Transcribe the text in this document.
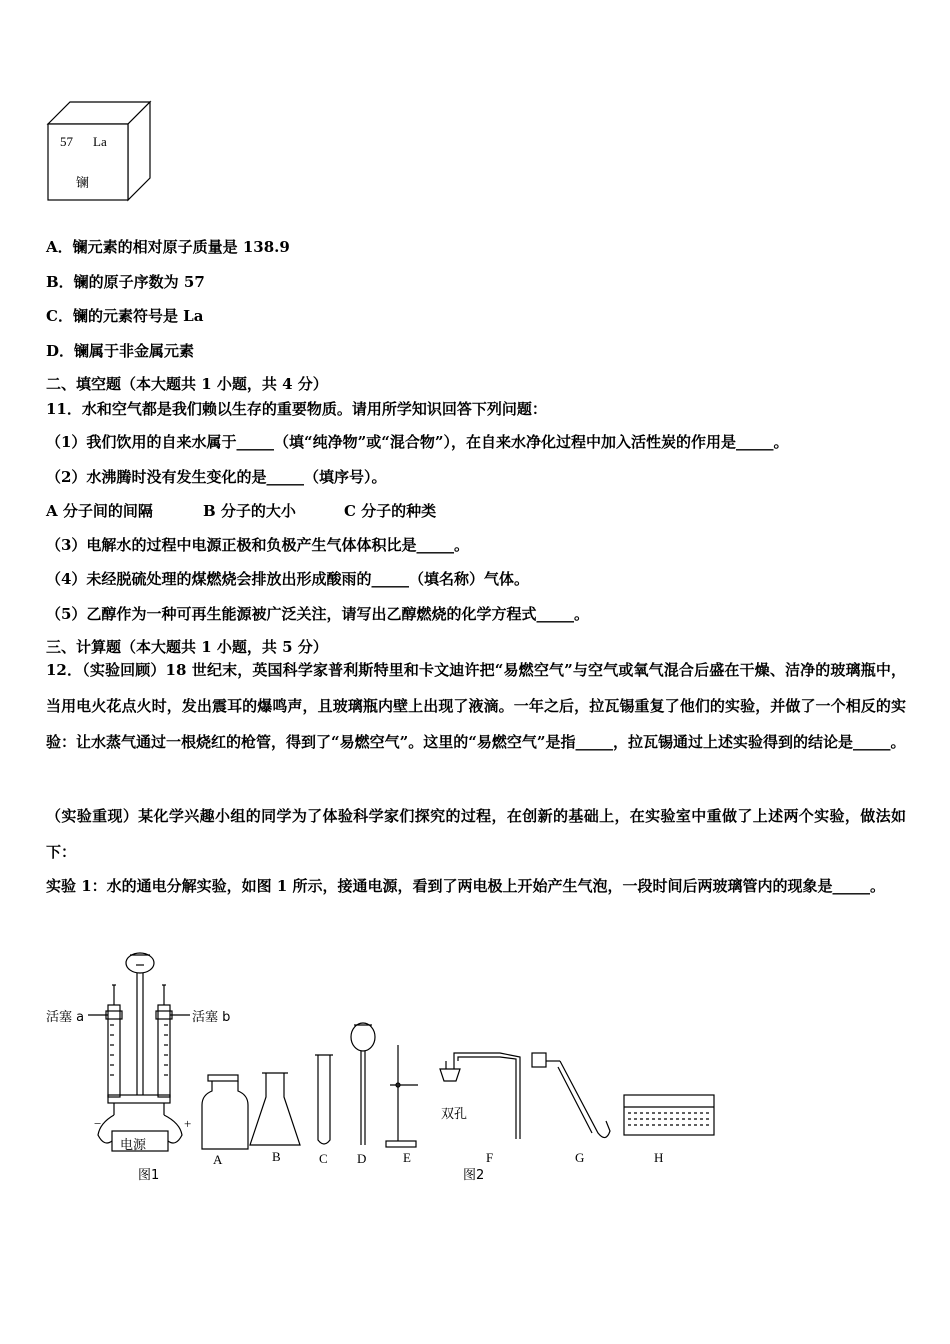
57 La
镧
A．镧元素的相对原子质量是 138.9
B．镧的原子序数为 57
C．镧的元素符号是 La
D．镧属于非金属元素
二、填空题（本大题共 1 小题，共 4 分）
11．水和空气都是我们赖以生存的重要物质。请用所学知识回答下列问题：
（1）我们饮用的自来水属于_____（填“纯净物”或“混合物”），在自来水净化过程中加入活性炭的作用是_____。
（2）水沸腾时没有发生变化的是_____（填序号）。
A 分子间的间隔	B 分子的大小	C 分子的种类
（3）电解水的过程中电源正极和负极产生气体体积比是_____。
（4）未经脱硫处理的煤燃烧会排放出形成酸雨的_____（填名称）气体。
（5）乙醇作为一种可再生能源被广泛关注，请写出乙醇燃烧的化学方程式_____。
三、计算题（本大题共 1 小题，共 5 分）
12．（实验回顾）18 世纪末，英国科学家普利斯特里和卡文迪许把“易燃空气”与空气或氧气混合后盛在干燥、洁净的玻璃瓶中，当用电火花点火时，发出震耳的爆鸣声，且玻璃瓶内壁上出现了液滴。一年之后，拉瓦锡重复了他们的实验，并做了一个相反的实验：让水蒸气通过一根烧红的枪管，得到了“易燃空气”。这里的“易燃空气”是指_____，拉瓦锡通过上述实验得到的结论是_____。
（实验重现）某化学兴趣小组的同学为了体验科学家们探究的过程，在创新的基础上，在实验室中重做了上述两个实验，做法如下：
实验 1：水的通电分解实验，如图 1 所示，接通电源，看到了两电极上开始产生气泡，一段时间后两玻璃管内的现象是_____。
活塞 a	活塞 b
−	+
电源
图1
双孔
图2
A	B	C D	E	F	G	H
